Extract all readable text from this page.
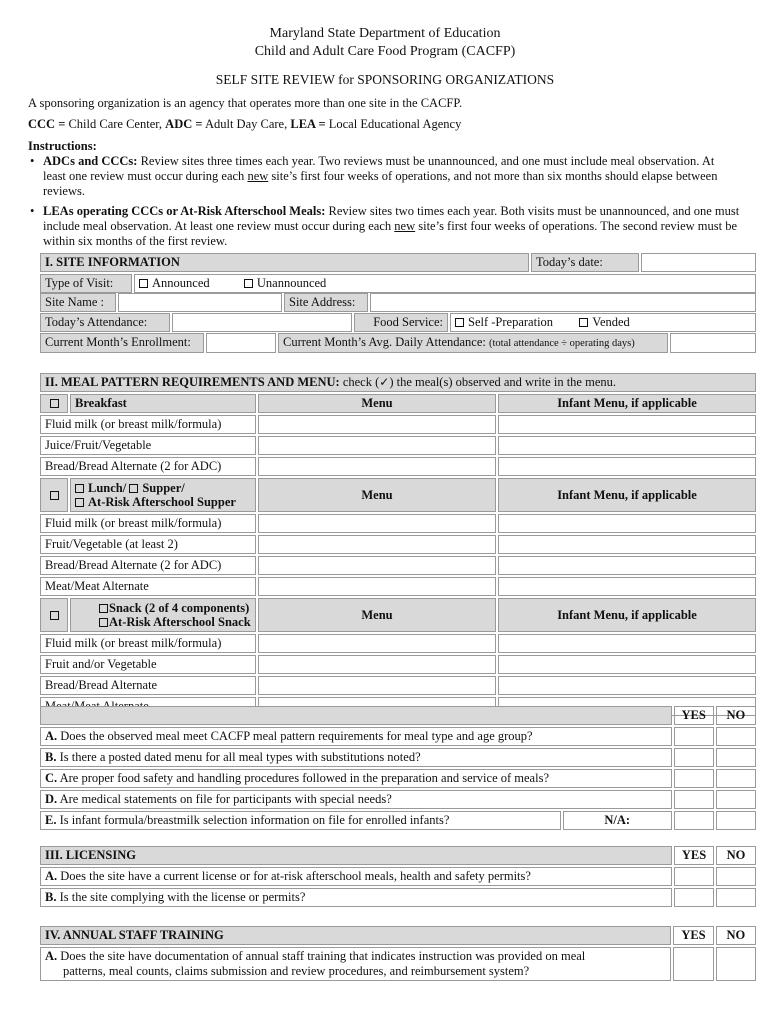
Maryland State Department of Education
Child and Adult Care Food Program (CACFP)
SELF SITE REVIEW for SPONSORING ORGANIZATIONS
A sponsoring organization is an agency that operates more than one site in the CACFP.
CCC = Child Care Center, ADC = Adult Day Care, LEA = Local Educational Agency
Instructions:
• ADCs and CCCs: Review sites three times each year. Two reviews must be unannounced, and one must include meal observation. At least one review must occur during each new site’s first four weeks of operations, and not more than six months should elapse between reviews.
• LEAs operating CCCs or At-Risk Afterschool Meals: Review sites two times each year. Both visits must be unannounced, and one must include meal observation. At least one review must occur during each new site’s first four weeks of operations. The second review must be within six months of the first review.
I. SITE INFORMATION		Today’s date:	
Type of Visit:	Announced Unannounced		
Site Name :		Site Address:	
Today’s Attendance:		Food Service:	Self -Preparation	Vended
Current Month’s Enrollment:		Current Month’s Avg. Daily Attendance: (total attendance ÷ operating days)	
II. MEAL PATTERN REQUIREMENTS AND MENU: check (✓) the meal(s) observed and write in the menu.			
	Breakfast	Menu	Infant Menu, if applicable
Fluid milk (or breast milk/formula)			
Juice/Fruit/Vegetable			
Bread/Bread Alternate (2 for ADC)			

	Lunch/ Supper/
At-Risk Afterschool Supper	Menu	Infant Menu, if applicable
Fluid milk (or breast milk/formula)			
Fruit/Vegetable (at least 2)			
Bread/Bread Alternate (2 for ADC)			
Meat/Meat Alternate			

	Snack (2 of 4 components)
At-Risk Afterschool Snack	Menu	Infant Menu, if applicable
Fluid milk (or breast milk/formula)			
Fruit and/or Vegetable			
Bread/Bread Alternate			

		YES	NO
A. Does the observed meal meet CACFP meal pattern requirements for meal type and age group?			
B. Is there a posted dated menu for all meal types with substitutions noted?			
C. Are proper food safety and handling procedures followed in the preparation and service of meals?			
D. Are medical statements on file for participants with special needs?			
E. Is infant formula/breastmilk selection information on file for enrolled infants?	N/A:		
III. LICENSING	YES	NO
A. Does the site have a current license or for at-risk afterschool meals, health and safety permits?		
B. Is the site complying with the license or permits?		
IV. ANNUAL STAFF TRAINING	YES	NO

A. Does the site have documentation of annual staff training that indicates instruction was provided on meal
patterns, meal counts, claims submission and review procedures, and reimbursement system?		
